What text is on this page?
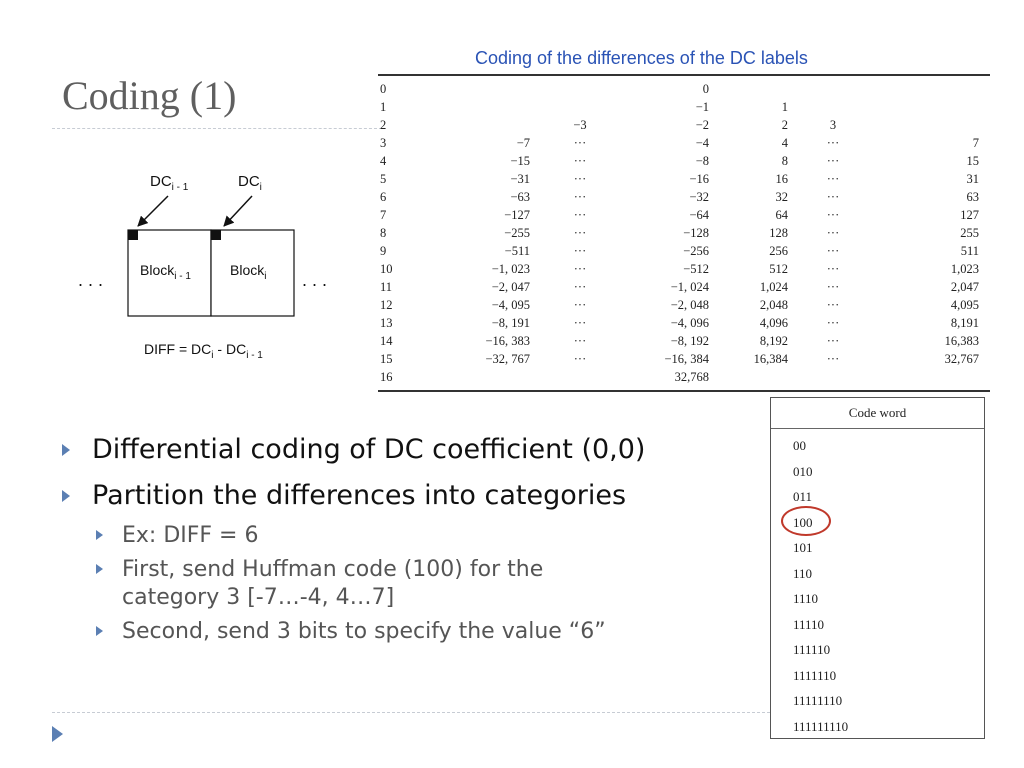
Coding (1)
$DC_{i - 1}$	$DC_i$
Block$_{i - 1}$	Block$_i$
. . .	. . .
DIFF = $DC_i - DC_{i - 1}$
Coding of the differences of the DC labels
0			0			
1			−1	1		
2		−3	−2	2	3	
3	−7	···	−4	4	···	7
4	−15	···	−8	8	···	15
5	−31	···	−16	16	···	31
6	−63	···	−32	32	···	63
7	−127	···	−64	64	···	127
8	−255	···	−128	128	···	255
9	−511	···	−256	256	···	511
10	−1, 023	···	−512	512	···	1,023
11	−2, 047	···	−1, 024	1,024	···	2,047
12	−4, 095	···	−2, 048	2,048	···	4,095
13	−8, 191	···	−4, 096	4,096	···	8,191
14	−16, 383	···	−8, 192	8,192	···	16,383
15	−32, 767	···	−16, 384	16,384	···	32,767
16			32,768			
Code word
00
010
011
100
101
110
1110
11110
111110
1111110
11111110
111111110
Differential coding of DC coefficient (0,0)
Partition the differences into categories
Ex: DIFF = 6
First, send Huffman code (100) for the category 3 [-7…-4, 4…7]
Second, send 3 bits to specify the value “6”
